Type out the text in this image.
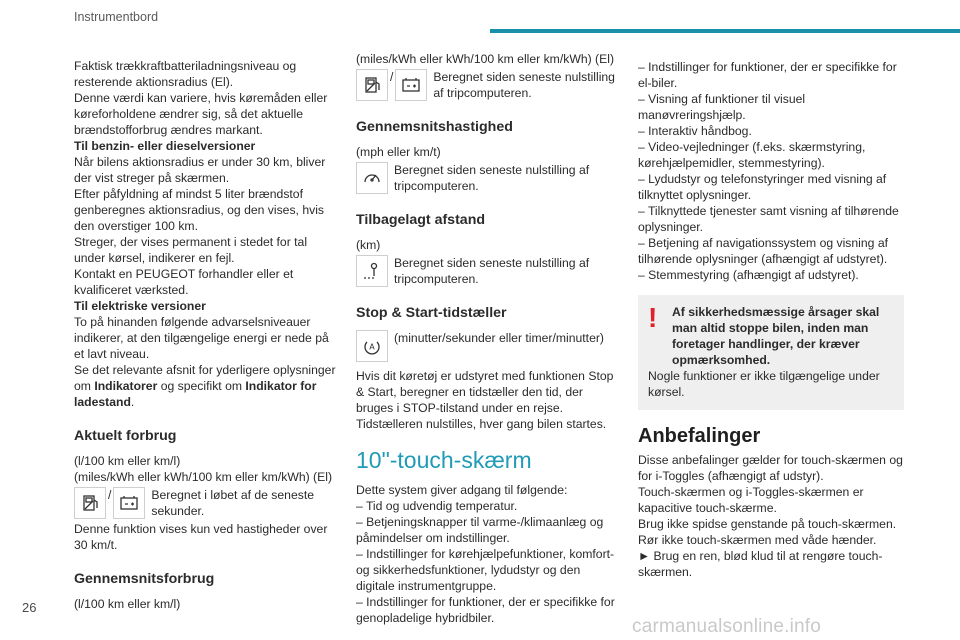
Instrumentbord

Faktisk trækkraftbatteriladningsniveau og resterende aktionsradius (El).

Denne værdi kan variere, hvis køremåden eller køreforholdene ændrer sig, så det aktuelle brændstofforbrug ændres markant.

Til benzin- eller dieselversioner

Når bilens aktionsradius er under 30 km, bliver der vist streger på skærmen.

Efter påfyldning af mindst 5 liter brændstof genberegnes aktionsradius, og den vises, hvis den overstiger 100 km.

Streger, der vises permanent i stedet for tal under kørsel, indikerer en fejl.

Kontakt en PEUGEOT forhandler eller et kvalificeret værksted.

Til elektriske versioner

To på hinanden følgende advarselsniveauer indikerer, at den tilgængelige energi er nede på et lavt niveau.

Se det relevante afsnit for yderligere oplysninger om Indikatorer og specifikt om Indikator for ladestand.

Aktuelt forbrug

(l/100 km eller km/l)

(miles/kWh eller kWh/100 km eller km/kWh) (El)

/	Beregnet i løbet af de seneste sekunder.

Denne funktion vises kun ved hastigheder over 30 km/t.

Gennemsnitsforbrug

(l/100 km eller km/l)

(miles/kWh eller kWh/100 km eller km/kWh) (El)

/	Beregnet siden seneste nulstilling af tripcomputeren.
Gennemsnitshastighed

(mph eller km/t)

Beregnet siden seneste nulstilling af tripcomputeren.
Tilbagelagt afstand

(km)

Beregnet siden seneste nulstilling af tripcomputeren.
Stop & Start-tidstæller
A
(minutter/sekunder eller timer/minutter)

Hvis dit køretøj er udstyret med funktionen Stop & Start, beregner en tidstæller den tid, der bruges i STOP-tilstand under en rejse. Tidstælleren nulstilles, hver gang bilen startes.

10"-touch-skærm

Dette system giver adgang til følgende:

– Tid og udvendig temperatur.

– Betjeningsknapper til varme-/klimaanlæg og påmindelser om indstillinger.

– Indstillinger for kørehjælpefunktioner, komfort- og sikkerhedsfunktioner, lydudstyr og den digitale instrumentgruppe.

– Indstillinger for funktioner, der er specifikke for genopladelige hybridbiler.

– Indstillinger for funktioner, der er specifikke for el-biler.

– Visning af funktioner til visuel manøvreringshjælp.

– Interaktiv håndbog.

– Video-vejledninger (f.eks. skærmstyring, kørehjælpemidler, stemmestyring).

– Lydudstyr og telefonstyringer med visning af tilknyttet oplysninger.

– Tilknyttede tjenester samt visning af tilhørende oplysninger.

– Betjening af navigationssystem og visning af tilhørende oplysninger (afhængigt af udstyret).

– Stemmestyring (afhængigt af udstyret).

!	Af sikkerhedsmæssige årsager skal man altid stoppe bilen, inden man foretager handlinger, der kræver opmærksomhed.

Nogle funktioner er ikke tilgængelige under kørsel.

Anbefalinger

Disse anbefalinger gælder for touch-skærmen og for i-Toggles (afhængigt af udstyr).

Touch-skærmen og i-Toggles-skærmen er kapacitive touch-skærme.

Brug ikke spidse genstande på touch-skærmen.

Rør ikke touch-skærmen med våde hænder.

► Brug en ren, blød klud til at rengøre touch-skærmen.

26
carmanualsonline.info
